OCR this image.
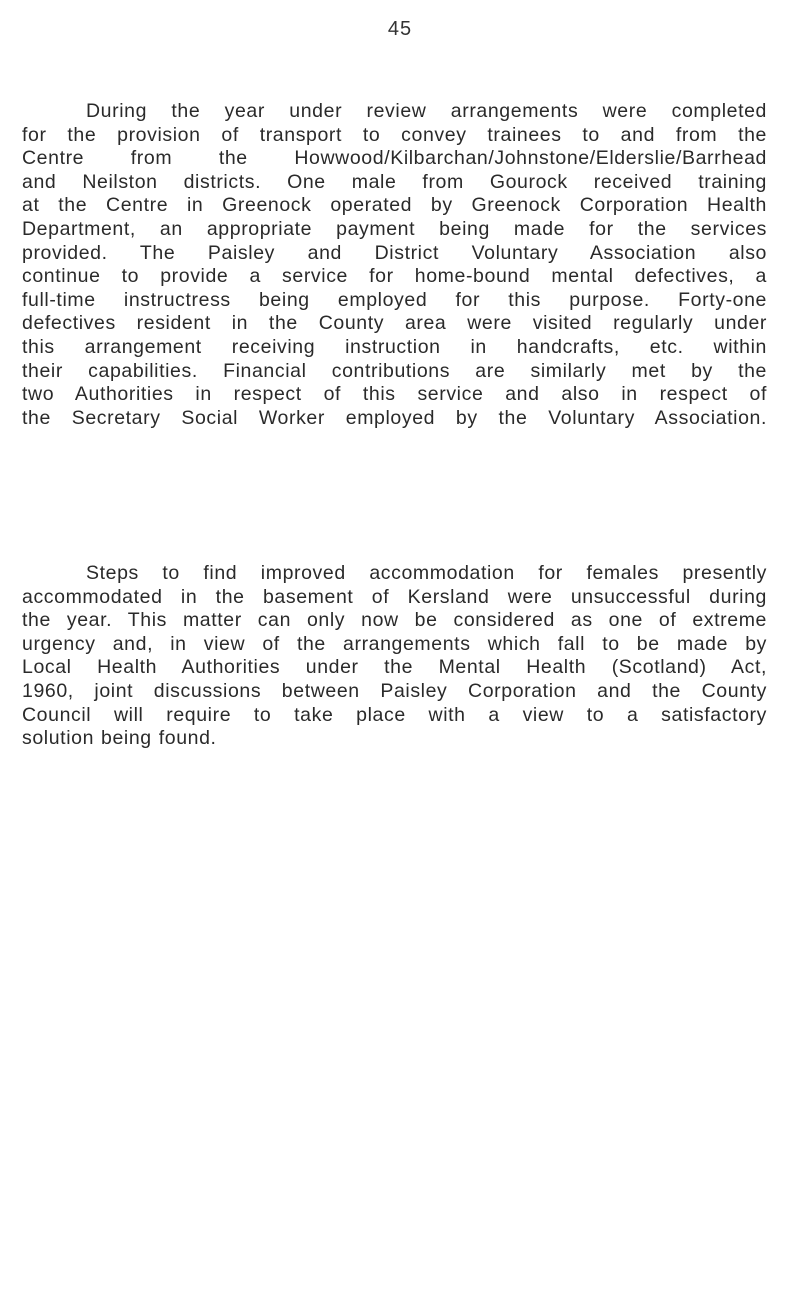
45
During the year under review arrangements were completed
for the provision of transport to convey trainees to and from the
Centre from the Howwood/Kilbarchan/Johnstone/Elderslie/Barrhead
and Neilston districts. One male from Gourock received training
at the Centre in Greenock operated by Greenock Corporation Health
Department, an appropriate payment being made for the services
provided. The Paisley and District Voluntary Association also
continue to provide a service for home-bound mental defectives, a
full-time instructress being employed for this purpose. Forty-one
defectives resident in the County area were visited regularly under
this arrangement receiving instruction in handcrafts, etc. within
their capabilities. Financial contributions are similarly met by the
two Authorities in respect of this service and also in respect of
the Secretary Social Worker employed by the Voluntary Association.
Steps to find improved accommodation for females presently
accommodated in the basement of Kersland were unsuccessful during
the year. This matter can only now be considered as one of extreme
urgency and, in view of the arrangements which fall to be made by
Local Health Authorities under the Mental Health (Scotland) Act,
1960, joint discussions between Paisley Corporation and the County
Council will require to take place with a view to a satisfactory
solution being found.
